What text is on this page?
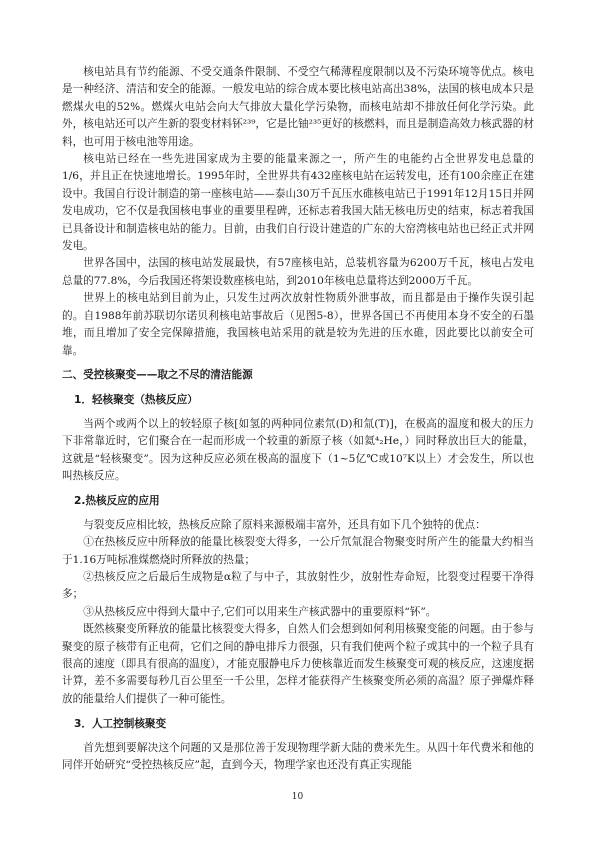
核电站具有节约能源、不受交通条件限制、不受空气稀薄程度限制以及不污染环境等优点。核电是一种经济、清洁和安全的能源。一般发电站的综合成本要比核电站高出38%，法国的核电成本只是燃煤火电的52%。燃煤火电站会向大气排放大量化学污染物，而核电站却不排放任何化学污染。此外，核电站还可以产生新的裂变材料钚²³⁹，它是比铀²³⁵更好的核燃料，而且是制造高效力核武器的材料，也可用于核电池等用途。

核电站已经在一些先进国家成为主要的能量来源之一，所产生的电能约占全世界发电总量的1/6，并且正在快速地增长。1995年时，全世界共有432座核电站在运转发电，还有100余座正在建设中。我国自行设计制造的第一座核电站——泰山30万千瓦压水碓核电站已于1991年12月15日并网发电成功，它不仅是我国核电事业的重要里程碑，还标志着我国大陆无核电历史的结束，标志着我国已具备设计和制造核电站的能力。目前，由我们自行设计建造的广东的大窑湾核电站也已经正式并网发电。

世界各国中，法国的核电站发展最快，有57座核电站，总装机容量为6200万千瓦，核电占发电总量的77.8%，今后我国还将架设数座核电站，到2010年核电总量将达到2000万千瓦。

世界上的核电站到目前为止，只发生过两次放射性物质外泄事故，而且都是由于操作失误引起的。自1988年前苏联切尔诺贝利核电站事故后（见图5-8），世界各国已不再使用本身不安全的石墨堆，而且增加了安全完保障措施，我国核电站采用的就是较为先进的压水碓，因此要比以前安全可靠。

二、受控核聚变——取之不尽的清洁能源
1．轻核聚变（热核反应）

当两个或两个以上的较轻原子核[如氢的两种同位素氘(D)和氚(T)]，在极高的温度和极大的压力下非常靠近时，它们聚合在一起而形成一个较重的新原子核（如氦⁴₂He，）同时释放出巨大的能量，这就是“轻核聚变”。因为这种反应必须在极高的温度下（1~5亿℃或10⁷K以上）才会发生，所以也叫热核反应。

2.热核反应的应用

与裂变反应相比较，热核反应除了原料来源极端丰富外，还具有如下几个独特的优点：

①在热核反应中所释放的能量比核裂变大得多，一公斤氘氚混合物聚变时所产生的能量大约相当于1.16万吨标准煤燃烧时所释放的热量；

②热核反应之后最后生成物是α粒了与中子，其放射性少，放射性寿命短，比裂变过程要干净得多；

③从热核反应中得到大量中子,它们可以用来生产核武器中的重要原料“钚”。

既然核聚变所释放的能量比核裂变大得多，自然人们会想到如何利用核聚变能的问题。由于参与聚变的原子核带有正电荷，它们之间的静电排斥力很强，只有我们使两个粒子或其中的一个粒子具有很高的速度（即具有很高的温度），才能克服静电斥力使核靠近而发生核聚变可观的核反应，这速度据计算，差不多需要每秒几百公里至一千公里，怎样才能获得产生核聚变所必须的高温？原子弹爆炸释放的能量给人们提供了一种可能性。

3．人工控制核聚变

首先想到要解决这个问题的又是那位善于发现物理学新大陆的费米先生。从四十年代费米和他的同伴开始研究“受控热核反应”起，直到今天，物理学家也还没有真正实现能

10
